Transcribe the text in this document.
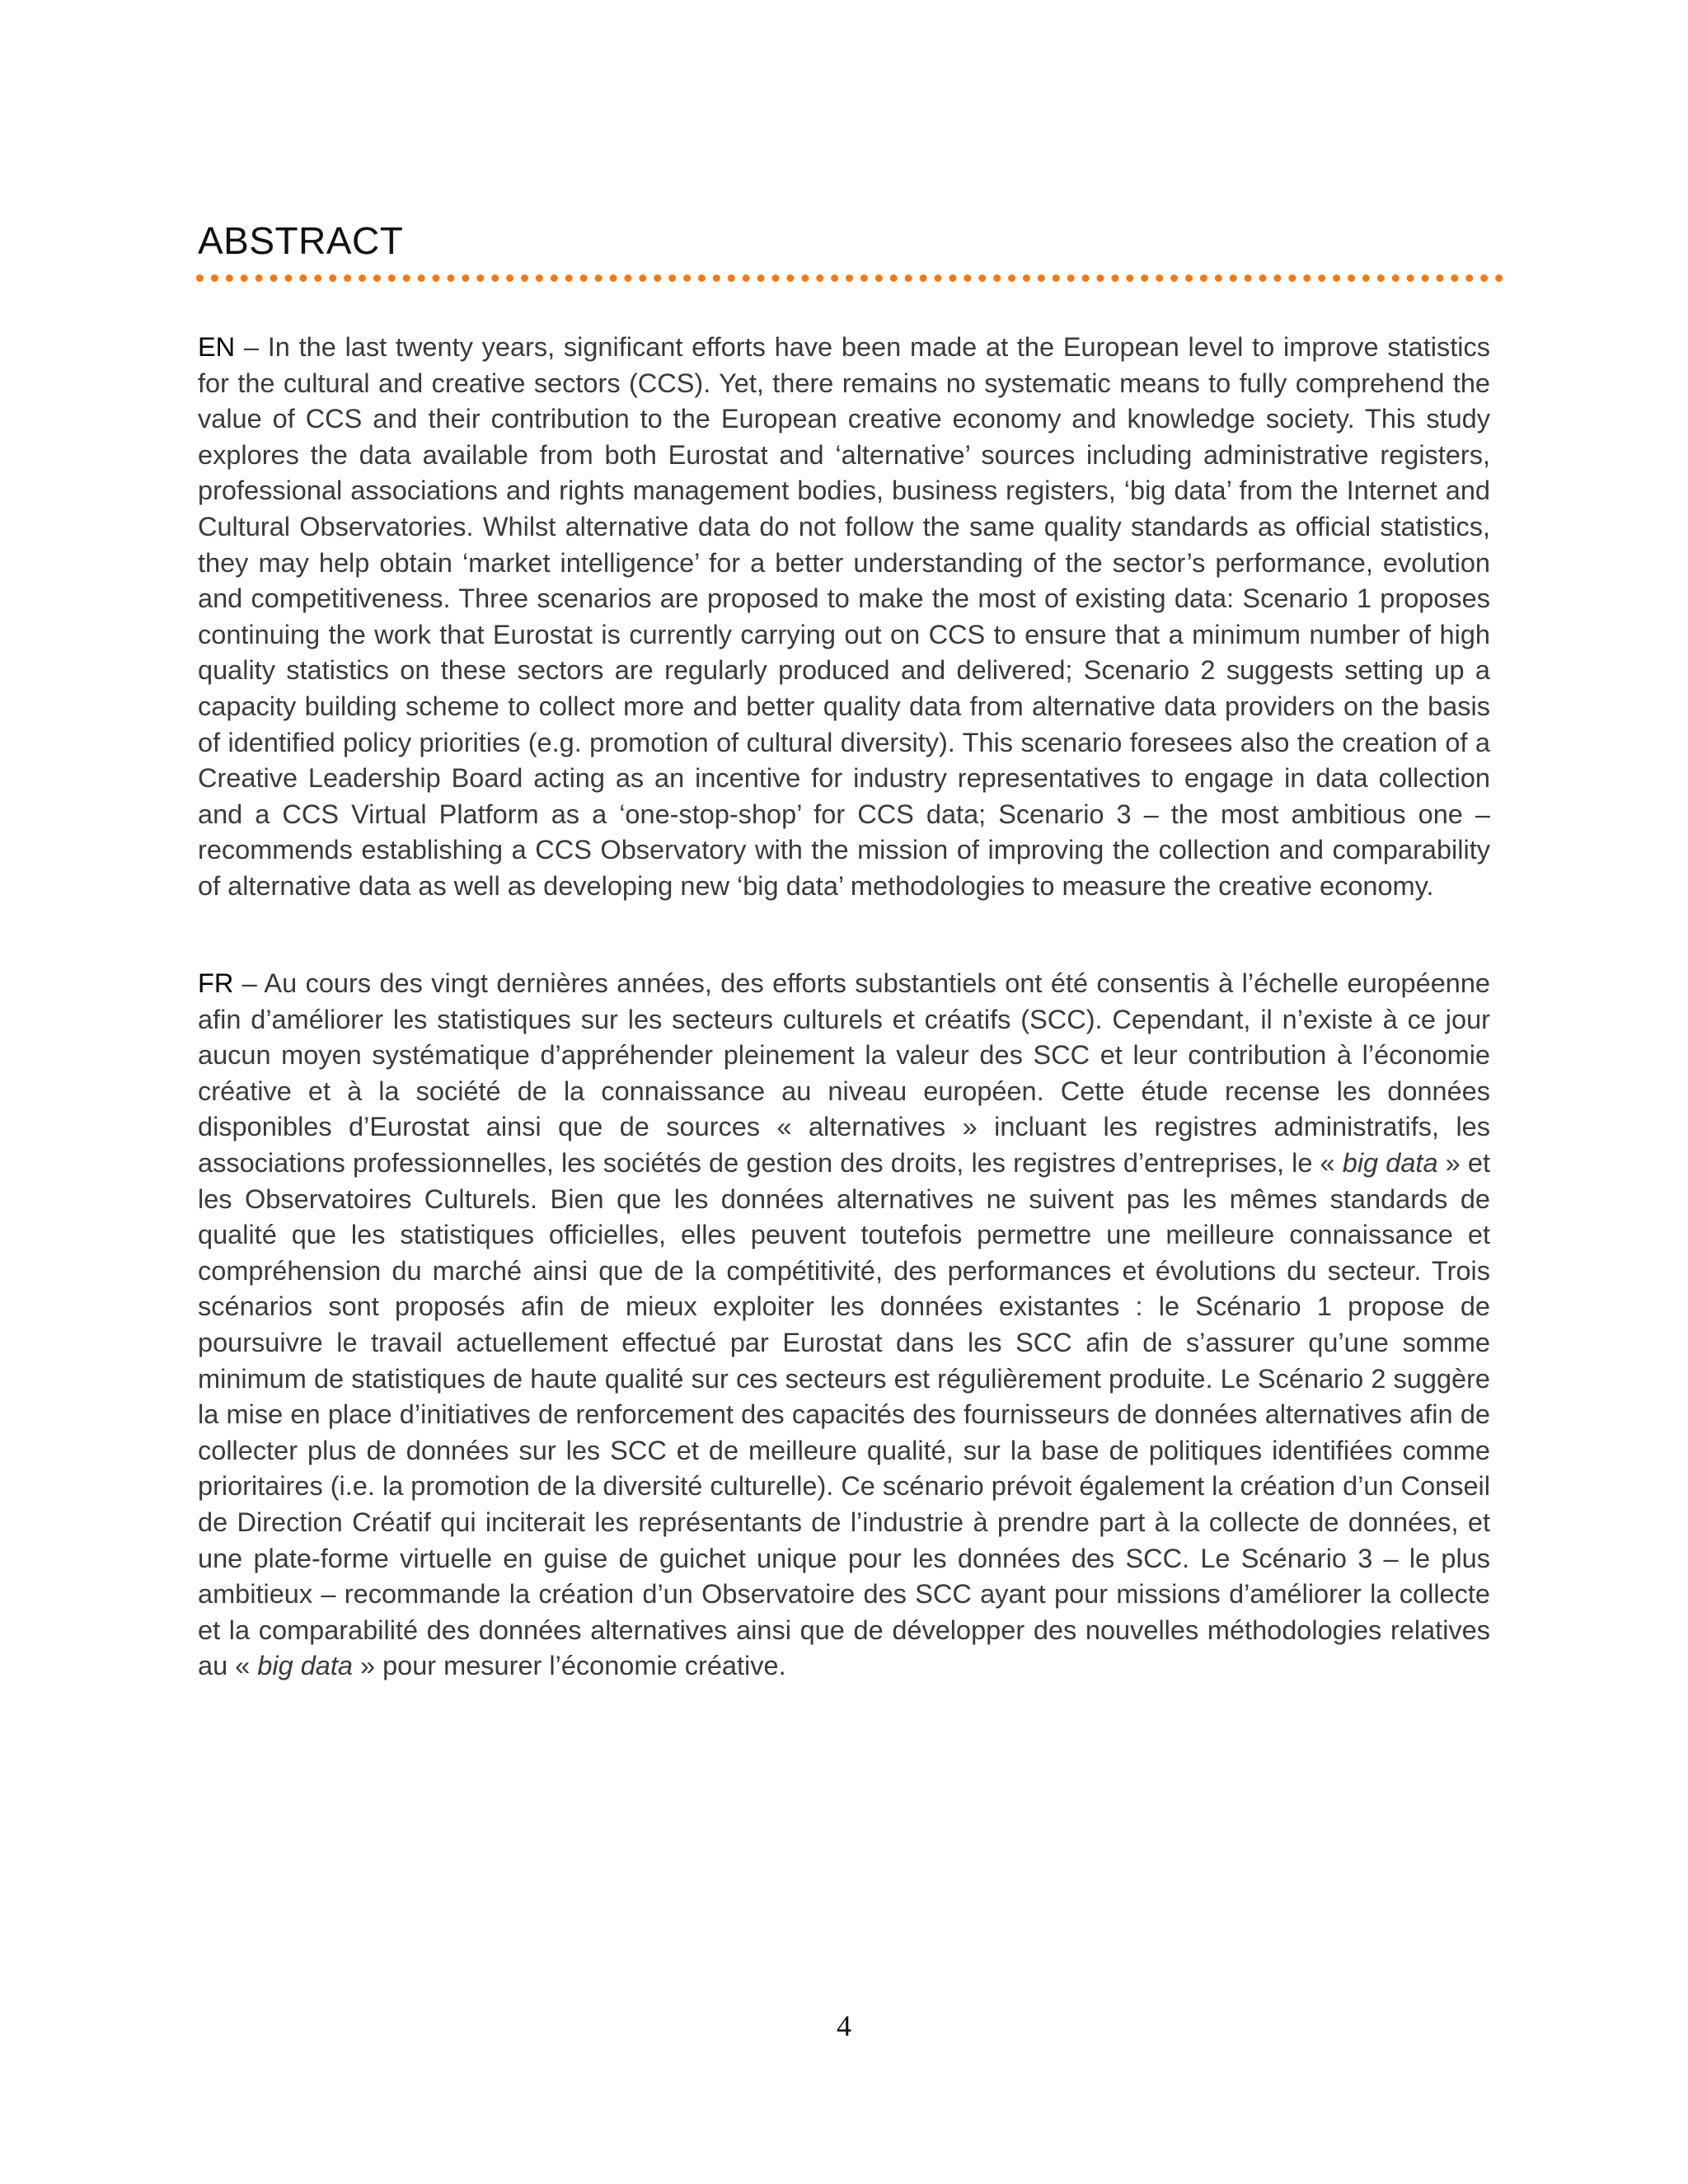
ABSTRACT

EN – In the last twenty years, significant efforts have been made at the European level to improve statistics for the cultural and creative sectors (CCS). Yet, there remains no systematic means to fully comprehend the value of CCS and their contribution to the European creative economy and knowledge society. This study explores the data available from both Eurostat and ‘alternative’ sources including administrative registers, professional associations and rights management bodies, business registers, ‘big data’ from the Internet and Cultural Observatories. Whilst alternative data do not follow the same quality standards as official statistics, they may help obtain ‘market intelligence’ for a better understanding of the sector’s performance, evolution and competitiveness. Three scenarios are proposed to make the most of existing data: Scenario 1 proposes continuing the work that Eurostat is currently carrying out on CCS to ensure that a minimum number of high quality statistics on these sectors are regularly produced and delivered; Scenario 2 suggests setting up a capacity building scheme to collect more and better quality data from alternative data providers on the basis of identified policy priorities (e.g. promotion of cultural diversity). This scenario foresees also the creation of a Creative Leadership Board acting as an incentive for industry representatives to engage in data collection and a CCS Virtual Platform as a ‘one-stop-shop’ for CCS data; Scenario 3 – the most ambitious one – recommends establishing a CCS Observatory with the mission of improving the collection and comparability of alternative data as well as developing new ‘big data’ methodologies to measure the creative economy.

FR – Au cours des vingt dernières années, des efforts substantiels ont été consentis à l’échelle européenne afin d’améliorer les statistiques sur les secteurs culturels et créatifs (SCC). Cependant, il n’existe à ce jour aucun moyen systématique d’appréhender pleinement la valeur des SCC et leur contribution à l’économie créative et à la société de la connaissance au niveau européen. Cette étude recense les données disponibles d’Eurostat ainsi que de sources « alternatives » incluant les registres administratifs, les associations professionnelles, les sociétés de gestion des droits, les registres d’entreprises, le « big data » et les Observatoires Culturels. Bien que les données alternatives ne suivent pas les mêmes standards de qualité que les statistiques officielles, elles peuvent toutefois permettre une meilleure connaissance et compréhension du marché ainsi que de la compétitivité, des performances et évolutions du secteur. Trois scénarios sont proposés afin de mieux exploiter les données existantes : le Scénario 1 propose de poursuivre le travail actuellement effectué par Eurostat dans les SCC afin de s’assurer qu’une somme minimum de statistiques de haute qualité sur ces secteurs est régulièrement produite. Le Scénario 2 suggère la mise en place d’initiatives de renforcement des capacités des fournisseurs de données alternatives afin de collecter plus de données sur les SCC et de meilleure qualité, sur la base de politiques identifiées comme prioritaires (i.e. la promotion de la diversité culturelle). Ce scénario prévoit également la création d’un Conseil de Direction Créatif qui inciterait les représentants de l’industrie à prendre part à la collecte de données, et une plate-forme virtuelle en guise de guichet unique pour les données des SCC. Le Scénario 3 – le plus ambitieux – recommande la création d’un Observatoire des SCC ayant pour missions d’améliorer la collecte et la comparabilité des données alternatives ainsi que de développer des nouvelles méthodologies relatives au « big data » pour mesurer l’économie créative.

4
